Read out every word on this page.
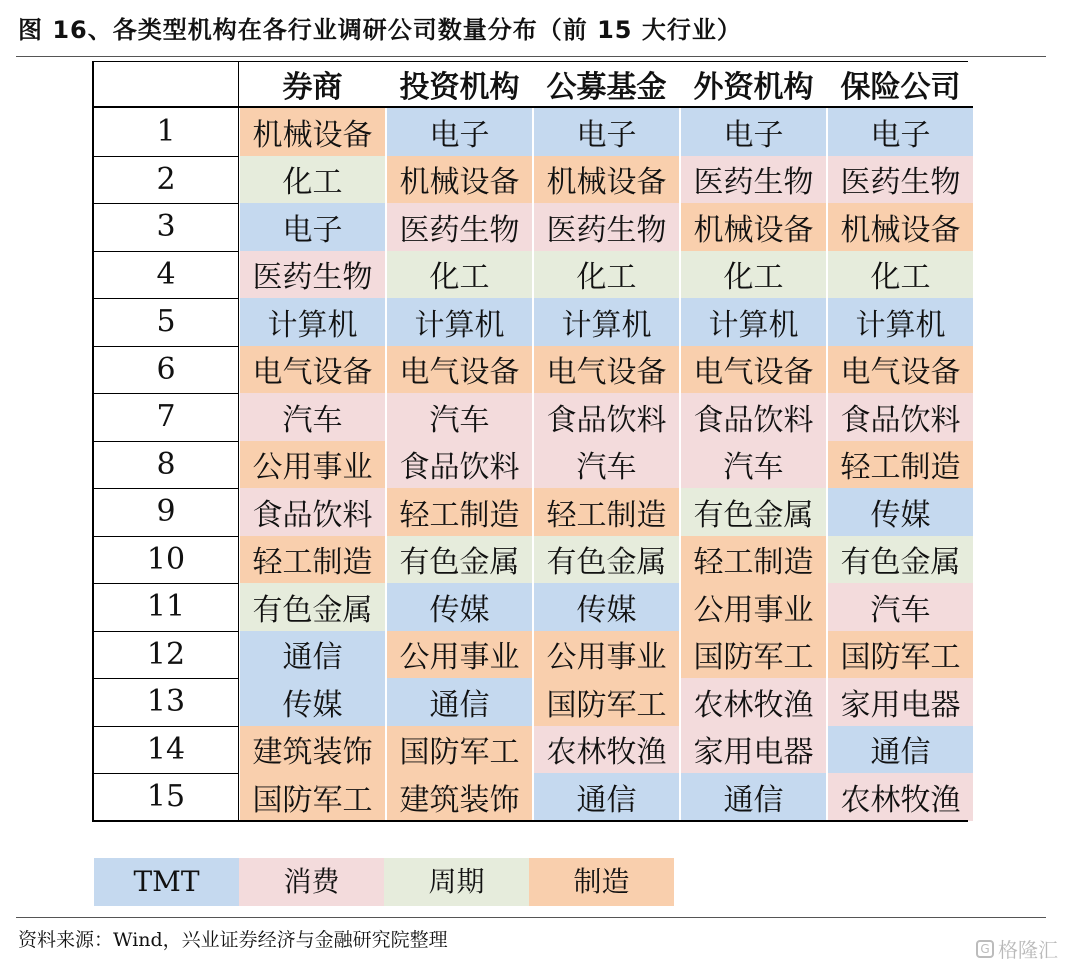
图 16、各类型机构在各行业调研公司数量分布（前 15 大行业）
	券商	投资机构	公募基金	外资机构	保险公司
1	机械设备	电子	电子	电子	电子
2	化工	机械设备	机械设备	医药生物	医药生物
3	电子	医药生物	医药生物	机械设备	机械设备
4	医药生物	化工	化工	化工	化工
5	计算机	计算机	计算机	计算机	计算机
6	电气设备	电气设备	电气设备	电气设备	电气设备
7	汽车	汽车	食品饮料	食品饮料	食品饮料
8	公用事业	食品饮料	汽车	汽车	轻工制造
9	食品饮料	轻工制造	轻工制造	有色金属	传媒
10	轻工制造	有色金属	有色金属	轻工制造	有色金属
11	有色金属	传媒	传媒	公用事业	汽车
12	通信	公用事业	公用事业	国防军工	国防军工
13	传媒	通信	国防军工	农林牧渔	家用电器
14	建筑装饰	国防军工	农林牧渔	家用电器	通信
15	国防军工	建筑装饰	通信	通信	农林牧渔
TMT	消费	周期	制造
资料来源：Wind，兴业证券经济与金融研究院整理	G 格隆汇
